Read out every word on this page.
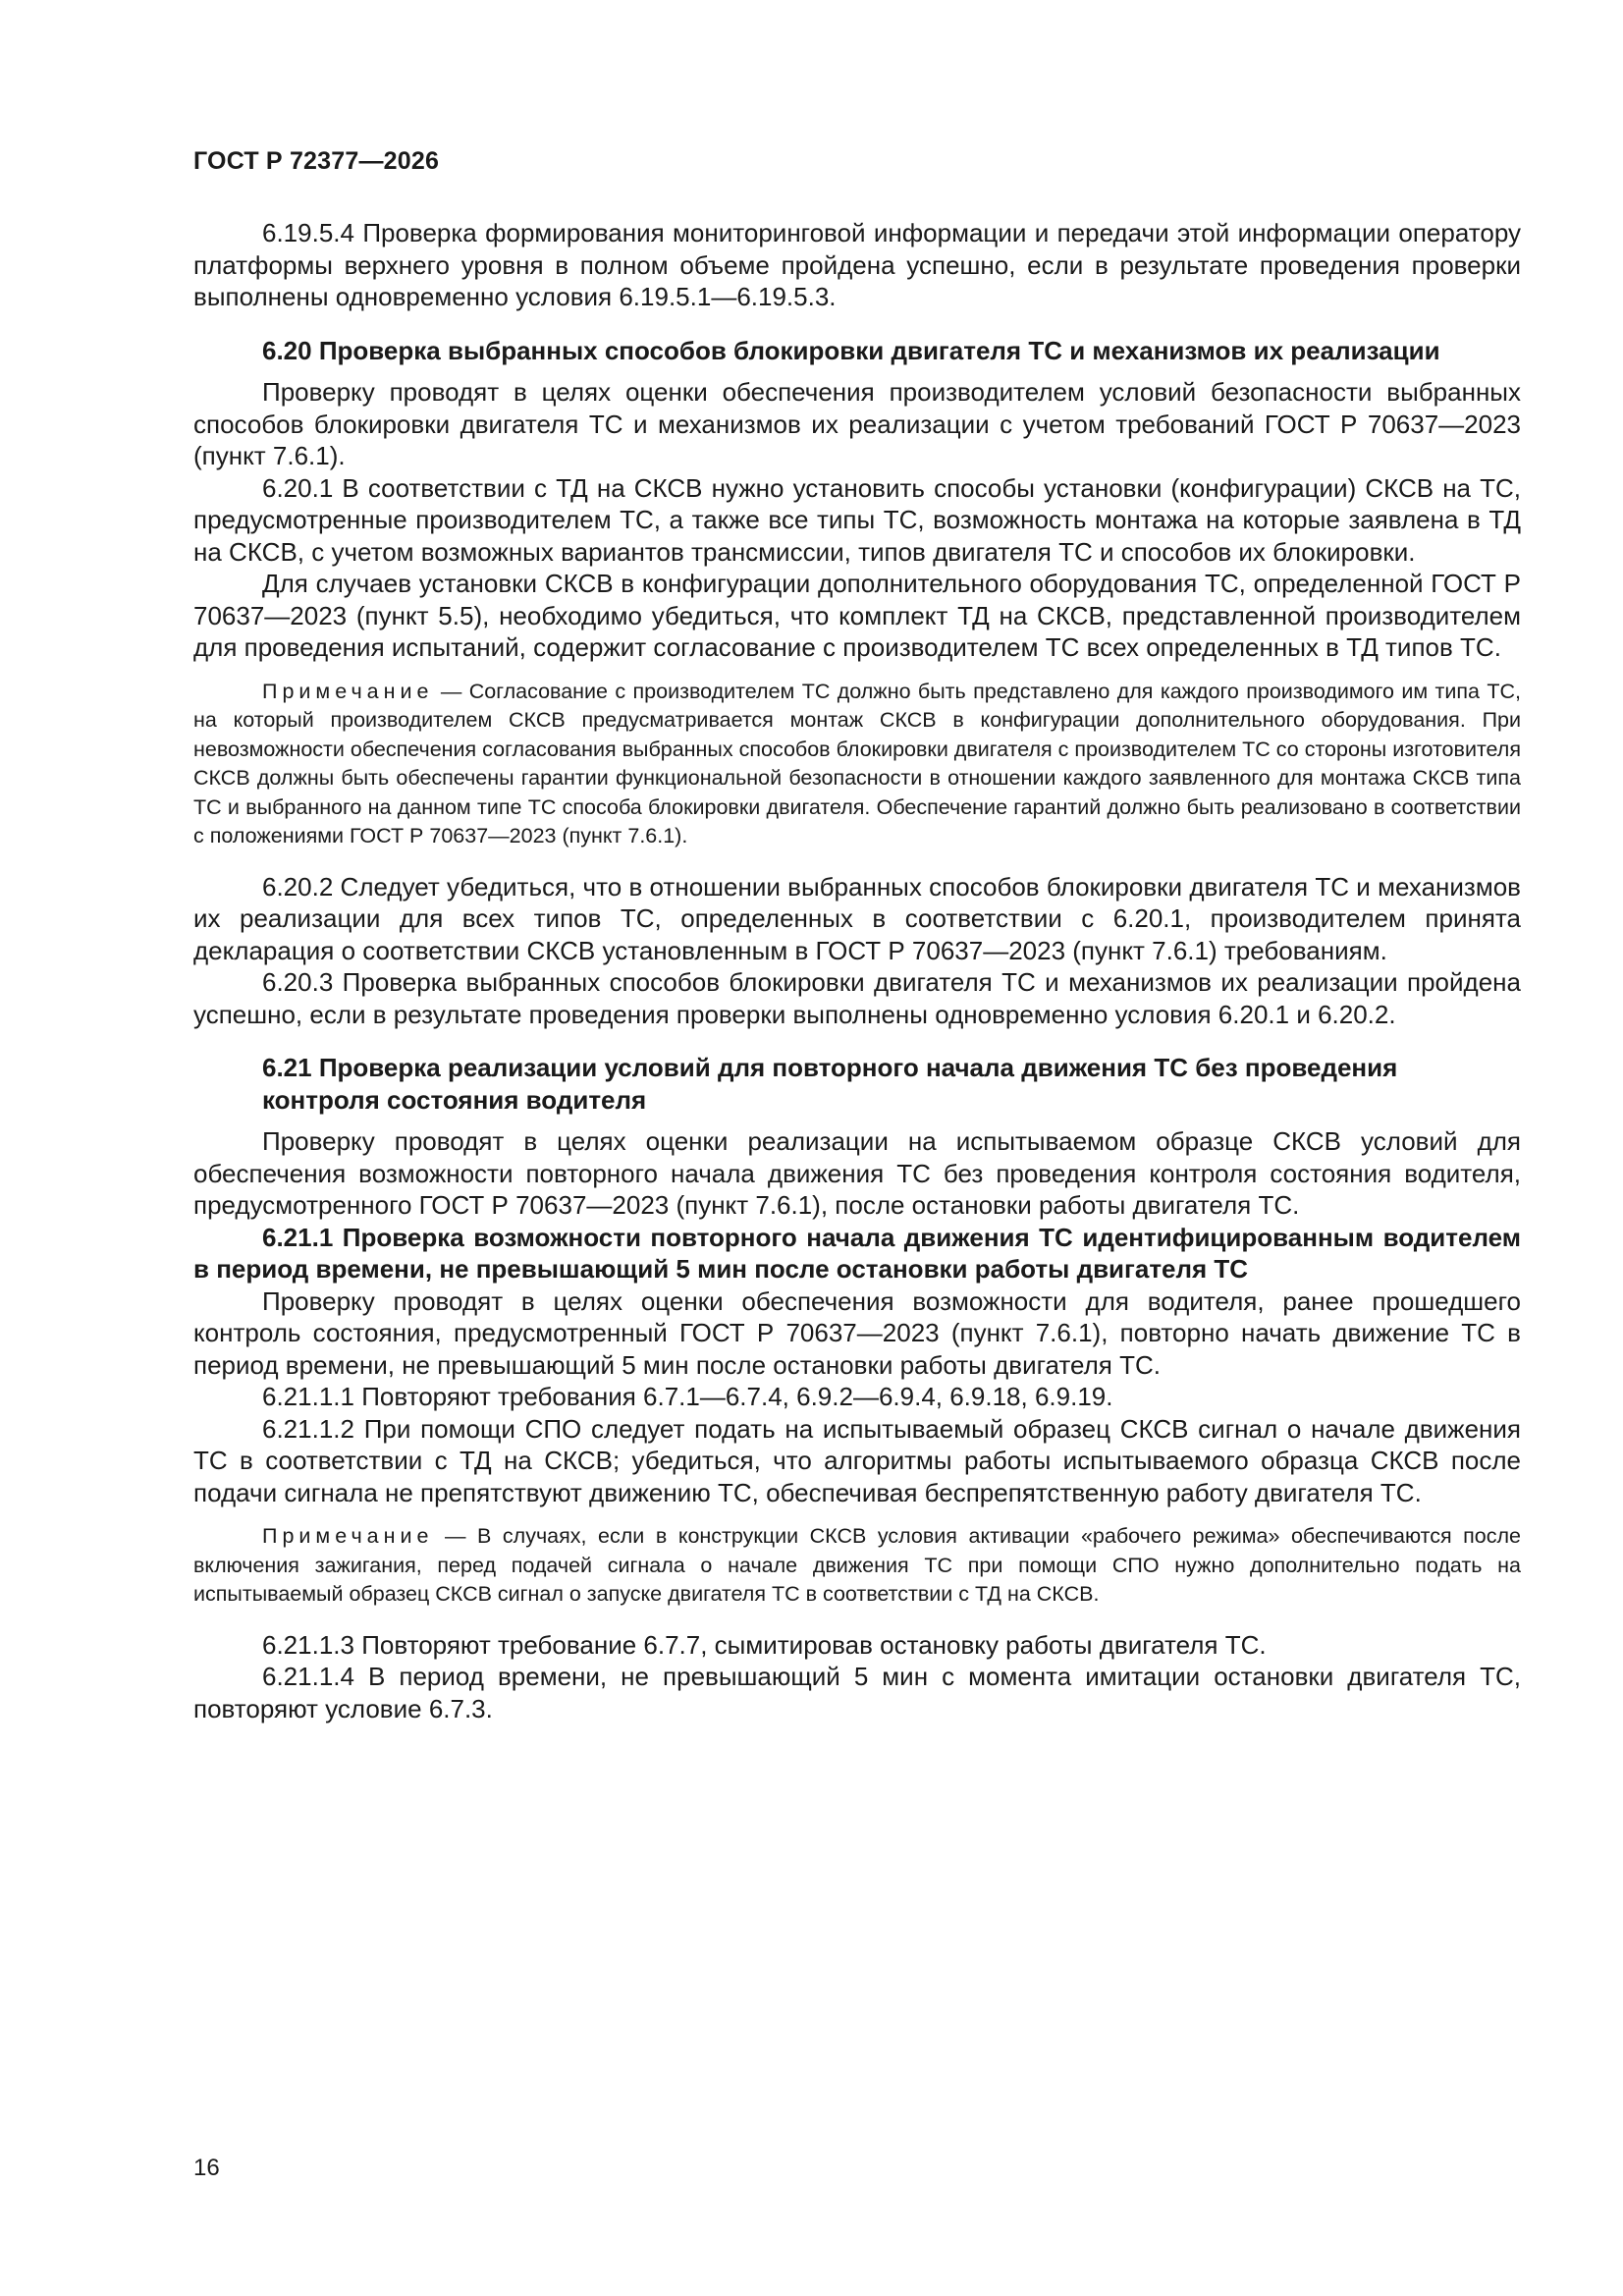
ГОСТ Р 72377—2026

6.19.5.4 Проверка формирования мониторинговой информации и передачи этой информации оператору платформы верхнего уровня в полном объеме пройдена успешно, если в результате проведения проверки выполнены одновременно условия 6.19.5.1—6.19.5.3.

6.20 Проверка выбранных способов блокировки двигателя ТС и механизмов их реализации

Проверку проводят в целях оценки обеспечения производителем условий безопасности выбранных способов блокировки двигателя ТС и механизмов их реализации с учетом требований ГОСТ Р 70637—2023 (пункт 7.6.1).

6.20.1 В соответствии с ТД на СКСВ нужно установить способы установки (конфигурации) СКСВ на ТС, предусмотренные производителем ТС, а также все типы ТС, возможность монтажа на которые заявлена в ТД на СКСВ, с учетом возможных вариантов трансмиссии, типов двигателя ТС и способов их блокировки.

Для случаев установки СКСВ в конфигурации дополнительного оборудования ТС, определенной ГОСТ Р 70637—2023 (пункт 5.5), необходимо убедиться, что комплект ТД на СКСВ, представленной производителем для проведения испытаний, содержит согласование с производителем ТС всех определенных в ТД типов ТС.

Примечание — Согласование с производителем ТС должно быть представлено для каждого производимого им типа ТС, на который производителем СКСВ предусматривается монтаж СКСВ в конфигурации дополнительного оборудования. При невозможности обеспечения согласования выбранных способов блокировки двигателя с производителем ТС со стороны изготовителя СКСВ должны быть обеспечены гарантии функциональной безопасности в отношении каждого заявленного для монтажа СКСВ типа ТС и выбранного на данном типе ТС способа блокировки двигателя. Обеспечение гарантий должно быть реализовано в соответствии с положениями ГОСТ Р 70637—2023 (пункт 7.6.1).

6.20.2 Следует убедиться, что в отношении выбранных способов блокировки двигателя ТС и механизмов их реализации для всех типов ТС, определенных в соответствии с 6.20.1, производителем принята декларация о соответствии СКСВ установленным в ГОСТ Р 70637—2023 (пункт 7.6.1) требованиям.

6.20.3 Проверка выбранных способов блокировки двигателя ТС и механизмов их реализации пройдена успешно, если в результате проведения проверки выполнены одновременно условия 6.20.1 и 6.20.2.

6.21 Проверка реализации условий для повторного начала движения ТС без проведения контроля состояния водителя

Проверку проводят в целях оценки реализации на испытываемом образце СКСВ условий для обеспечения возможности повторного начала движения ТС без проведения контроля состояния водителя, предусмотренного ГОСТ Р 70637—2023 (пункт 7.6.1), после остановки работы двигателя ТС.

6.21.1 Проверка возможности повторного начала движения ТС идентифицированным водителем в период времени, не превышающий 5 мин после остановки работы двигателя ТС

Проверку проводят в целях оценки обеспечения возможности для водителя, ранее прошедшего контроль состояния, предусмотренный ГОСТ Р 70637—2023 (пункт 7.6.1), повторно начать движение ТС в период времени, не превышающий 5 мин после остановки работы двигателя ТС.

6.21.1.1 Повторяют требования 6.7.1—6.7.4, 6.9.2—6.9.4, 6.9.18, 6.9.19.

6.21.1.2 При помощи СПО следует подать на испытываемый образец СКСВ сигнал о начале движения ТС в соответствии с ТД на СКСВ; убедиться, что алгоритмы работы испытываемого образца СКСВ после подачи сигнала не препятствуют движению ТС, обеспечивая беспрепятственную работу двигателя ТС.

Примечание — В случаях, если в конструкции СКСВ условия активации «рабочего режима» обеспечиваются после включения зажигания, перед подачей сигнала о начале движения ТС при помощи СПО нужно дополнительно подать на испытываемый образец СКСВ сигнал о запуске двигателя ТС в соответствии с ТД на СКСВ.

6.21.1.3 Повторяют требование 6.7.7, сымитировав остановку работы двигателя ТС.

6.21.1.4 В период времени, не превышающий 5 мин с момента имитации остановки двигателя ТС, повторяют условие 6.7.3.

16
